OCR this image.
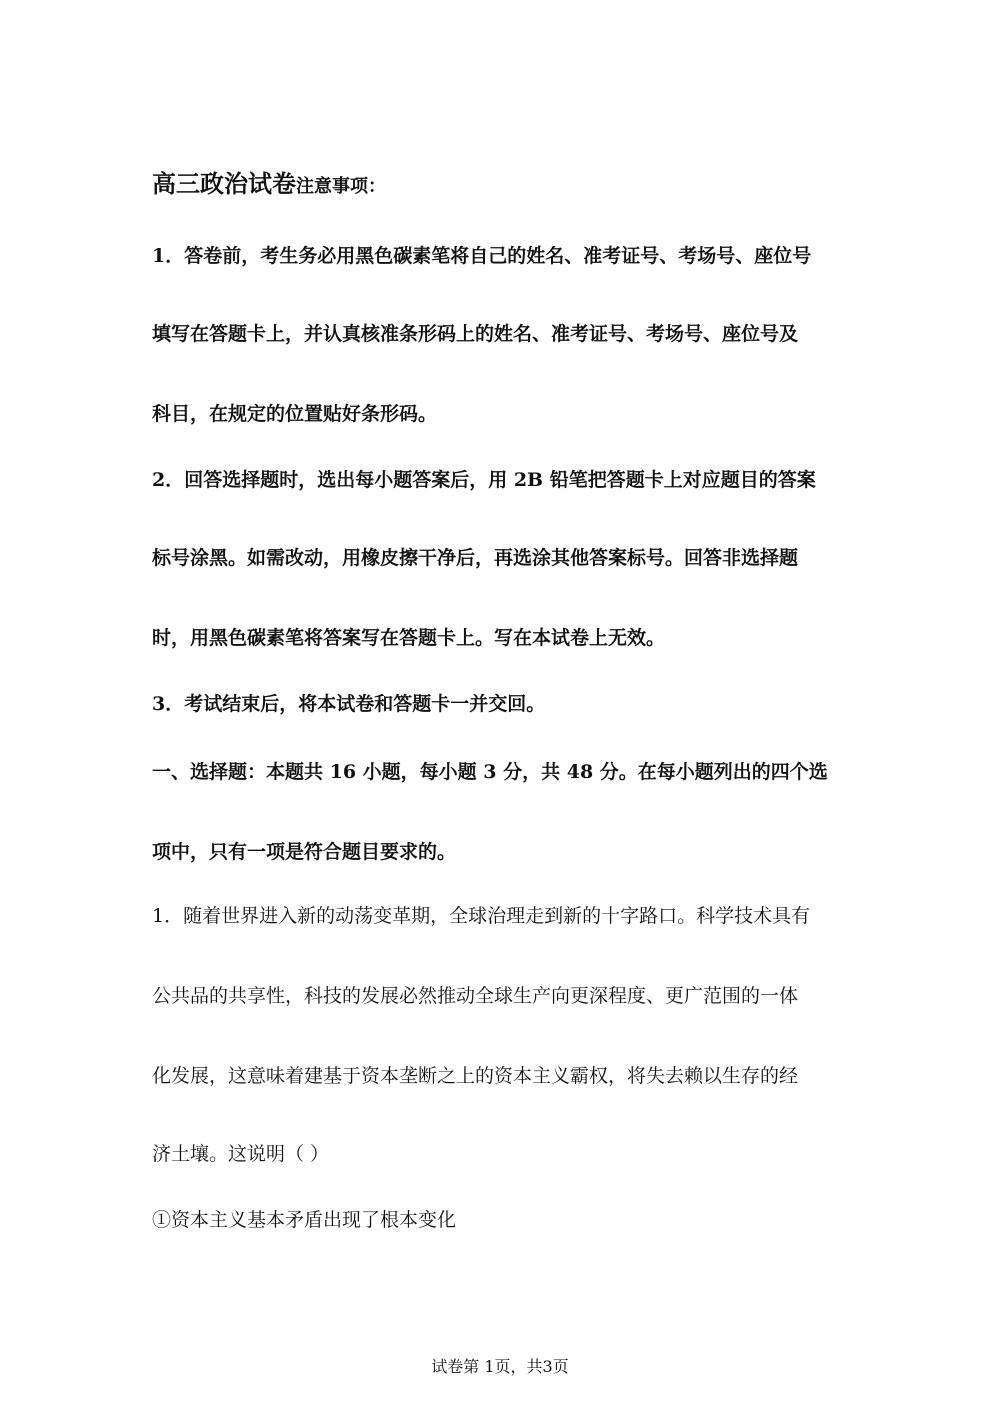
高三政治试卷注意事项：
1．答卷前，考生务必用黑色碳素笔将自己的姓名、准考证号、考场号、座位号
填写在答题卡上，并认真核准条形码上的姓名、准考证号、考场号、座位号及
科目，在规定的位置贴好条形码。
2．回答选择题时，选出每小题答案后，用 2B 铅笔把答题卡上对应题目的答案
标号涂黑。如需改动，用橡皮擦干净后，再选涂其他答案标号。回答非选择题
时，用黑色碳素笔将答案写在答题卡上。写在本试卷上无效。
3．考试结束后，将本试卷和答题卡一并交回。
一、选择题：本题共 16 小题，每小题 3 分，共 48 分。在每小题列出的四个选
项中，只有一项是符合题目要求的。
1．随着世界进入新的动荡变革期，全球治理走到新的十字路口。科学技术具有
公共品的共享性，科技的发展必然推动全球生产向更深程度、更广范围的一体
化发展，这意味着建基于资本垄断之上的资本主义霸权，将失去赖以生存的经
济土壤。这说明（ ）
①资本主义基本矛盾出现了根本变化
试卷第 1页，共3页
